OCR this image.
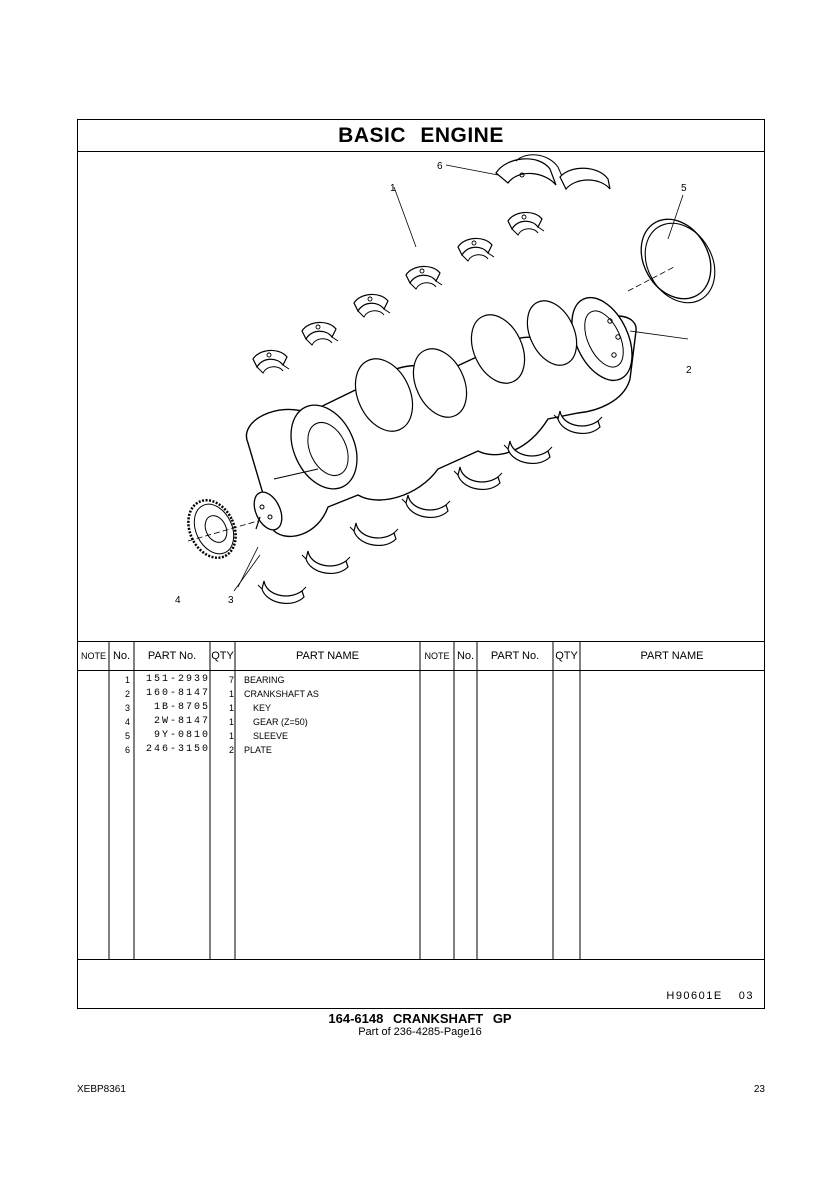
BASIC ENGINE
1
2
3
4
5
6
NOTE No.	PART No.	QTY	PART NAME	NOTE No.	PART No.	QTY	PART NAME
1	151-2939	7 BEARING
2	160-8147	1 CRANKSHAFT AS
3	1B-8705	1 KEY
4	2W-8147	1 GEAR (Z=50)
5	9Y-0810	1 SLEEVE
6	246-3150	2 PLATE
H90601E 03
164-6148 CRANKSHAFT GP
Part of 236-4285-Page16
XEBP8361	23
